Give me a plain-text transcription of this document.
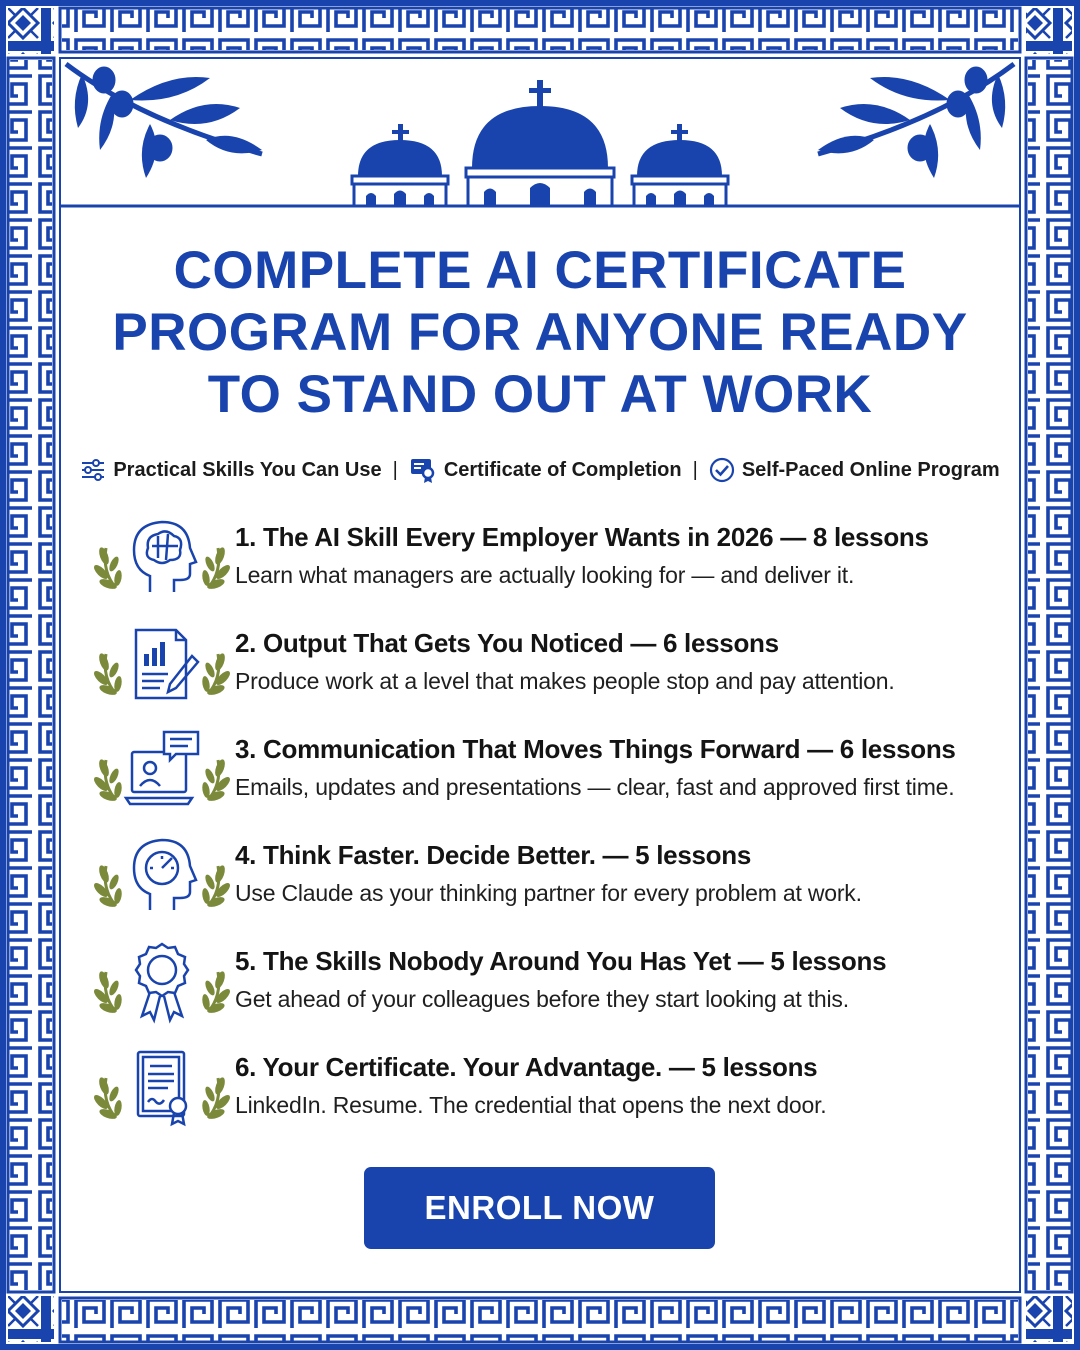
COMPLETE AI CERTIFICATE
PROGRAM FOR ANYONE READY
TO STAND OUT AT WORK
Practical Skills You Can Use | Certificate of Completion | Self-Paced Online Program
1. The AI Skill Every Employer Wants in 2026 — 8 lessons
Learn what managers are actually looking for — and deliver it.
2. Output That Gets You Noticed — 6 lessons
Produce work at a level that makes people stop and pay attention.
3. Communication That Moves Things Forward — 6 lessons
Emails, updates and presentations — clear, fast and approved first time.
4. Think Faster. Decide Better. — 5 lessons
Use Claude as your thinking partner for every problem at work.
5. The Skills Nobody Around You Has Yet — 5 lessons
Get ahead of your colleagues before they start looking at this.
6. Your Certificate. Your Advantage. — 5 lessons
LinkedIn. Resume. The credential that opens the next door.
ENROLL NOW
